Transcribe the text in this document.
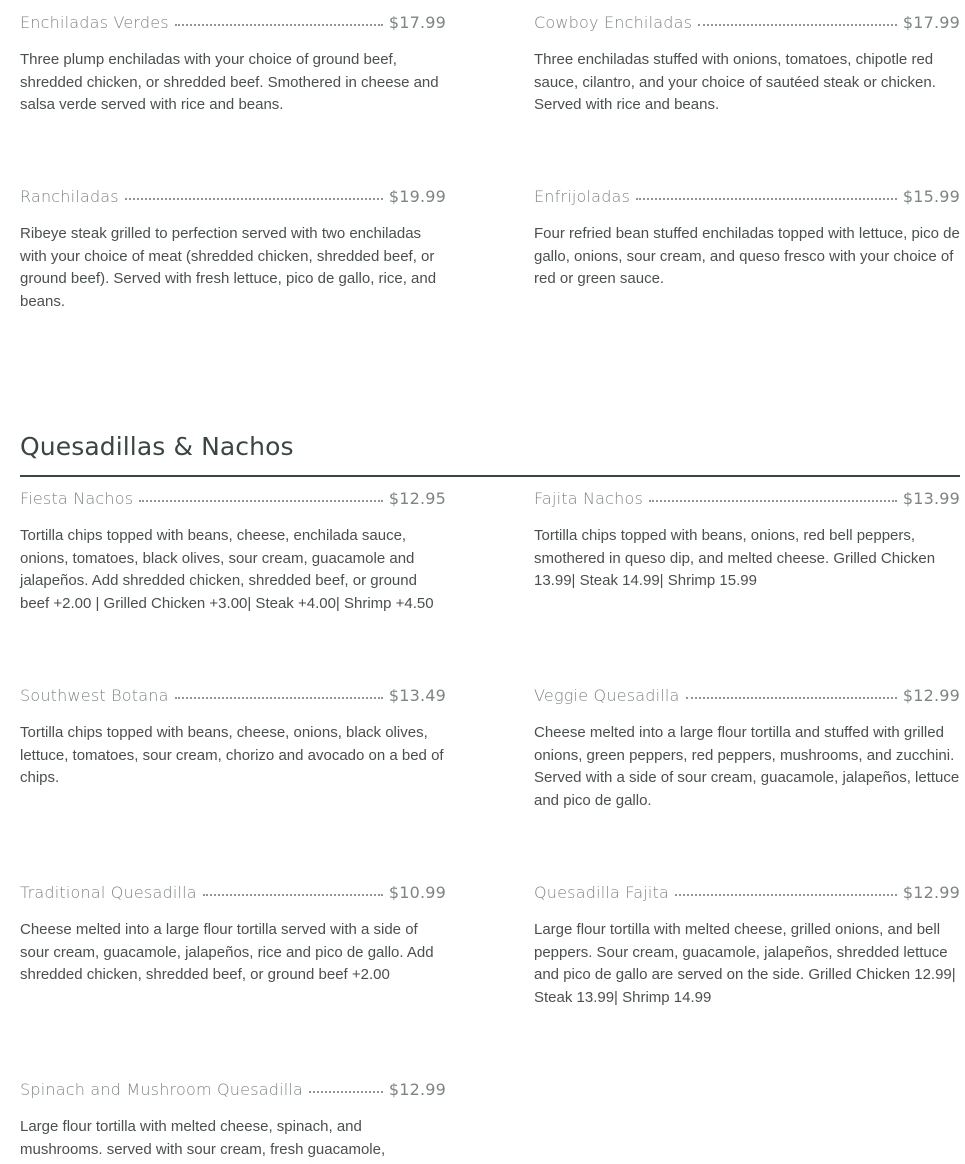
Enchiladas Verdes	$17.99
Three plump enchiladas with your choice of ground beef, shredded chicken, or shredded beef. Smothered in cheese and salsa verde served with rice and beans.
Cowboy Enchiladas	$17.99
Three enchiladas stuffed with onions, tomatoes, chipotle red sauce, cilantro, and your choice of sautéed steak or chicken. Served with rice and beans.
Ranchiladas	$19.99
Ribeye steak grilled to perfection served with two enchiladas with your choice of meat (shredded chicken, shredded beef, or ground beef). Served with fresh lettuce, pico de gallo, rice, and beans.
Enfrijoladas	$15.99
Four refried bean stuffed enchiladas topped with lettuce, pico de gallo, onions, sour cream, and queso fresco with your choice of red or green sauce.
Quesadillas & Nachos
Fiesta Nachos	$12.95
Tortilla chips topped with beans, cheese, enchilada sauce, onions, tomatoes, black olives, sour cream, guacamole and jalapeños. Add shredded chicken, shredded beef, or ground beef +2.00 | Grilled Chicken +3.00| Steak +4.00| Shrimp +4.50
Fajita Nachos	$13.99
Tortilla chips topped with beans, onions, red bell peppers, smothered in queso dip, and melted cheese. Grilled Chicken 13.99| Steak 14.99| Shrimp 15.99
Southwest Botana	$13.49
Tortilla chips topped with beans, cheese, onions, black olives, lettuce, tomatoes, sour cream, chorizo and avocado on a bed of chips.
Veggie Quesadilla	$12.99
Cheese melted into a large flour tortilla and stuffed with grilled onions, green peppers, red peppers, mushrooms, and zucchini. Served with a side of sour cream, guacamole, jalapeños, lettuce and pico de gallo.
Traditional Quesadilla	$10.99
Cheese melted into a large flour tortilla served with a side of sour cream, guacamole, jalapeños, rice and pico de gallo. Add shredded chicken, shredded beef, or ground beef +2.00
Quesadilla Fajita	$12.99
Large flour tortilla with melted cheese, grilled onions, and bell peppers. Sour cream, guacamole, jalapeños, shredded lettuce and pico de gallo are served on the side. Grilled Chicken 12.99| Steak 13.99| Shrimp 14.99
Spinach and Mushroom Quesadilla	$12.99
Large flour tortilla with melted cheese, spinach, and mushrooms. served with sour cream, fresh guacamole,
